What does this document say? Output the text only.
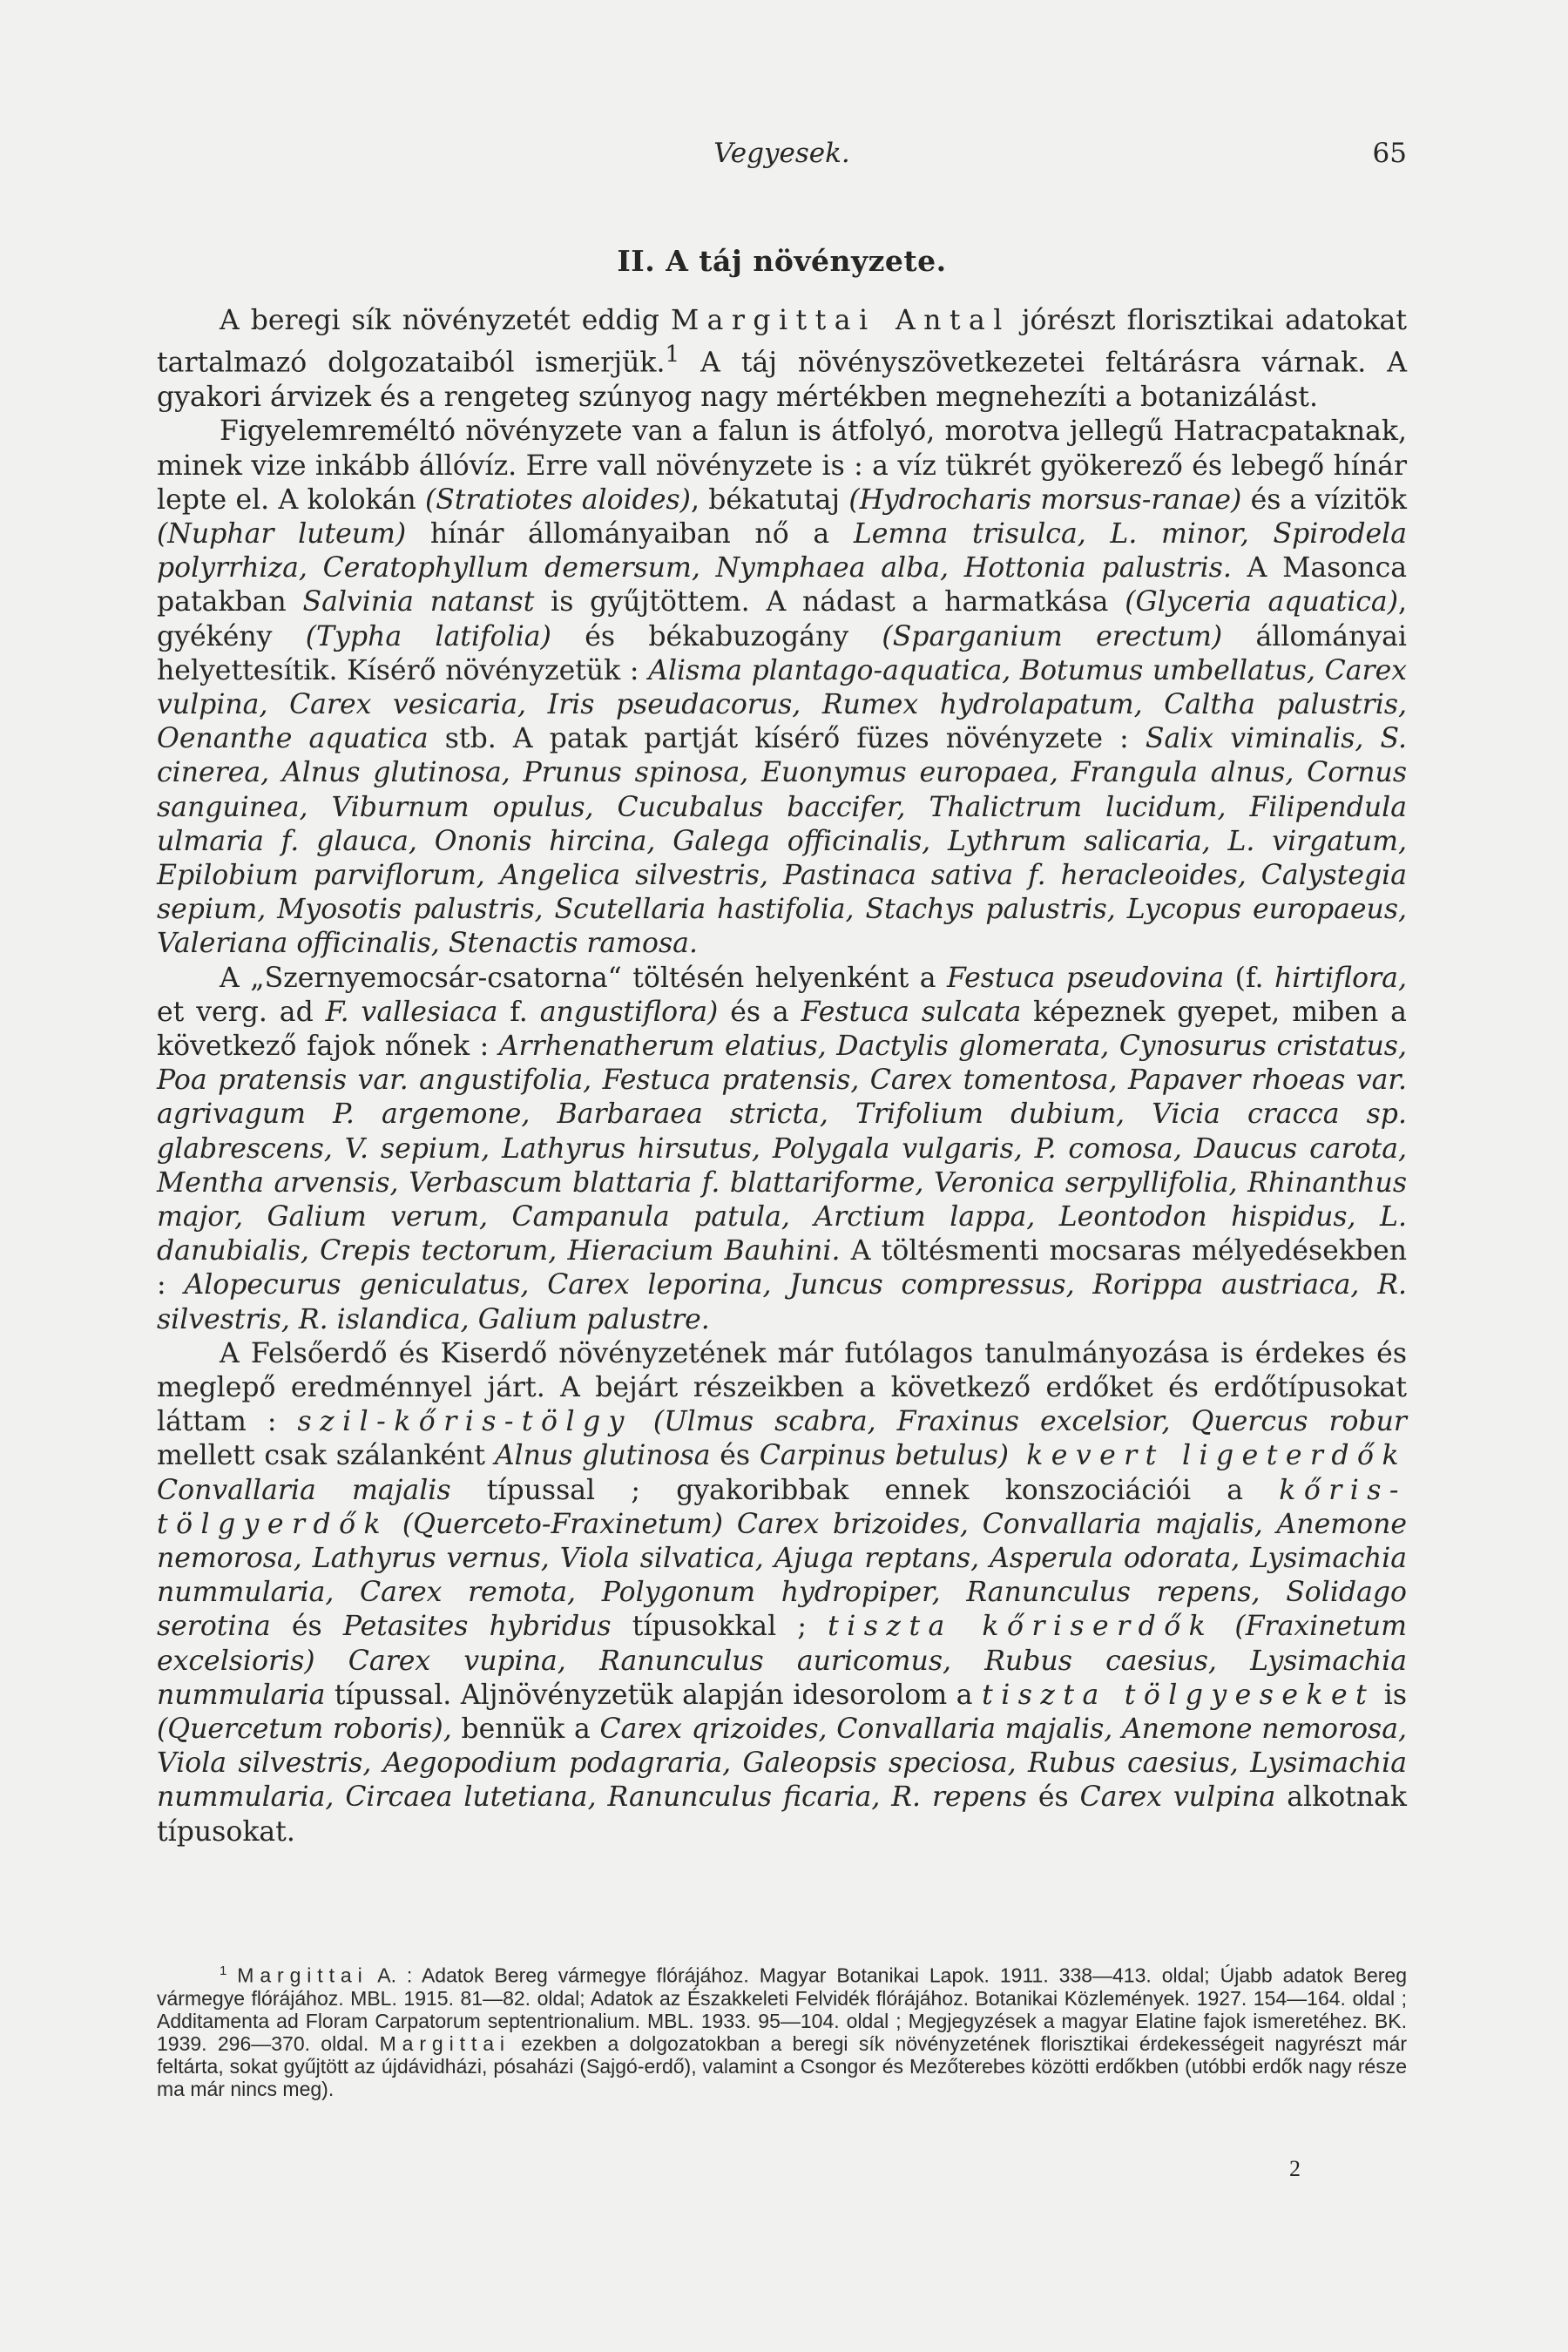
Vegyesek.	65
II. A táj növényzete.

A beregi sík növényzetét eddig Margittai Antal jórészt florisztikai adatokat tartalmazó dolgozataiból ismerjük.$^1$ A táj növényszövetkezetei feltárásra várnak. A gyakori árvizek és a rengeteg szúnyog nagy mértékben megnehezíti a botanizálást.

Figyelemreméltó növényzete van a falun is átfolyó, morotva jellegű Hatracpataknak, minek vize inkább állóvíz. Erre vall növényzete is : a víz tükrét gyökerező és lebegő hínár lepte el. A kolokán (Stratiotes aloides), békatutaj (Hydrocharis morsus-ranae) és a vízitök (Nuphar luteum) hínár állományaiban nő a Lemna trisulca, L. minor, Spirodela polyrrhiza, Ceratophyllum demersum, Nymphaea alba, Hottonia palustris. A Masonca patakban Salvinia natanst is gyűjtöttem. A nádast a harmatkása (Glyceria aquatica), gyékény (Typha latifolia) és békabuzogány (Sparganium erectum) állományai helyettesítik. Kísérő növényzetük : Alisma plantago-aquatica, Botumus umbellatus, Carex vulpina, Carex vesicaria, Iris pseudacorus, Rumex hydrolapatum, Caltha palustris, Oenanthe aquatica stb. A patak partját kísérő füzes növényzete : Salix viminalis, S. cinerea, Alnus glutinosa, Prunus spinosa, Euonymus europaea, Frangula alnus, Cornus sanguinea, Viburnum opulus, Cucubalus baccifer, Thalictrum lucidum, Filipendula ulmaria f. glauca, Ononis hircina, Galega officinalis, Lythrum salicaria, L. virgatum, Epilobium parviflorum, Angelica silvestris, Pastinaca sativa f. heracleoides, Calystegia sepium, Myosotis palustris, Scutellaria hastifolia, Stachys palustris, Lycopus europaeus, Valeriana officinalis, Stenactis ramosa.

A „Szernyemocsár-csatorna“ töltésén helyenként a Festuca pseudovina (f. hirtiflora, et verg. ad F. vallesiaca f. angustiflora) és a Festuca sulcata képeznek gyepet, miben a következő fajok nőnek : Arrhenatherum elatius, Dactylis glomerata, Cynosurus cristatus, Poa pratensis var. angustifolia, Festuca pratensis, Carex tomentosa, Papaver rhoeas var. agrivagum P. argemone, Barbaraea stricta, Trifolium dubium, Vicia cracca sp. glabrescens, V. sepium, Lathyrus hirsutus, Polygala vulgaris, P. comosa, Daucus carota, Mentha arvensis, Verbascum blattaria f. blattariforme, Veronica serpyllifolia, Rhinanthus major, Galium verum, Campanula patula, Arctium lappa, Leontodon hispidus, L. danubialis, Crepis tectorum, Hieracium Bauhini. A töltésmenti mocsaras mélyedésekben : Alopecurus geniculatus, Carex leporina, Juncus compressus, Rorippa austriaca, R. silvestris, R. islandica, Galium palustre.

A Felsőerdő és Kiserdő növényzetének már futólagos tanulmányozása is érdekes és meglepő eredménnyel járt. A bejárt részeikben a következő erdőket és erdőtípusokat láttam : szil-kőris-tölgy (Ulmus scabra, Fraxinus excelsior, Quercus robur mellett csak szálanként Alnus glutinosa és Carpinus betulus) kevert ligeterdők Convallaria majalis típussal ; gyakoribbak ennek konszociációi a kőris-tölgyerdők (Querceto-Fraxinetum) Carex brizoides, Convallaria majalis, Anemone nemorosa, Lathyrus vernus, Viola silvatica, Ajuga reptans, Asperula odorata, Lysimachia nummularia, Carex remota, Polygonum hydropiper, Ranunculus repens, Solidago serotina és Petasites hybridus típusokkal ; tiszta kőriserdők (Fraxinetum excelsioris) Carex vupina, Ranunculus auricomus, Rubus caesius, Lysimachia nummularia típussal. Aljnövényzetük alapján idesorolom a tiszta tölgyeseket is (Quercetum roboris), bennük a Carex qrizoides, Convallaria majalis, Anemone nemorosa, Viola silvestris, Aegopodium podagraria, Galeopsis speciosa, Rubus caesius, Lysimachia nummularia, Circaea lutetiana, Ranunculus ficaria, R. repens és Carex vulpina alkotnak típusokat.

$^1$ Margittai A. : Adatok Bereg vármegye flórájához. Magyar Botanikai Lapok. 1911. 338—413. oldal; Újabb adatok Bereg vármegye flórájához. MBL. 1915. 81—82. oldal; Adatok az Északkeleti Felvidék flórájához. Botanikai Közlemények. 1927. 154—164. oldal ; Additamenta ad Floram Carpatorum septentrionalium. MBL. 1933. 95—104. oldal ; Megjegyzések a magyar Elatine fajok ismeretéhez. BK. 1939. 296—370. oldal. Margittai ezekben a dolgozatokban a beregi sík növényzetének florisztikai érdekességeit nagyrészt már feltárta, sokat gyűjtött az újdávidházi, pósaházi (Sajgó-erdő), valamint a Csongor és Mezőterebes közötti erdőkben (utóbbi erdők nagy része ma már nincs meg).

2
